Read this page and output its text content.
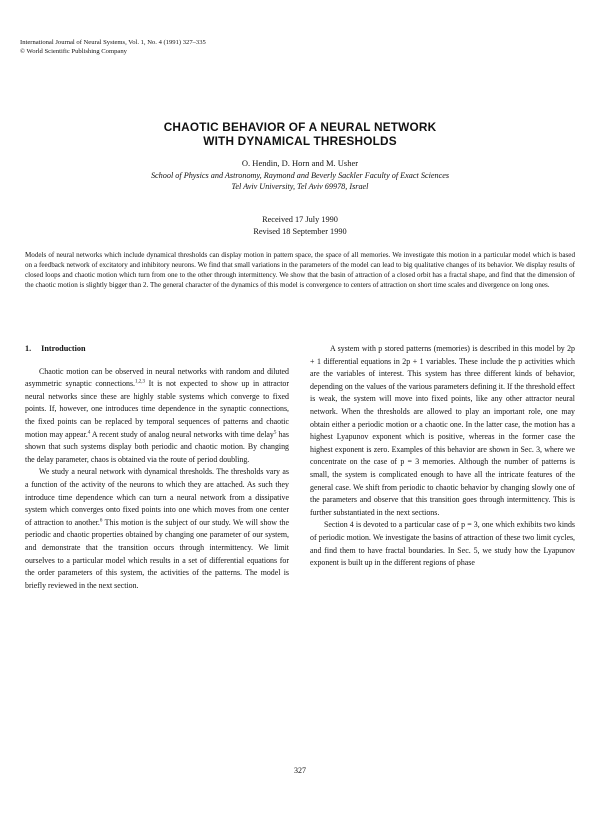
International Journal of Neural Systems, Vol. 1, No. 4 (1991) 327–335
© World Scientific Publishing Company
CHAOTIC BEHAVIOR OF A NEURAL NETWORK
WITH DYNAMICAL THRESHOLDS
O. Hendin, D. Horn and M. Usher
School of Physics and Astronomy, Raymond and Beverly Sackler Faculty of Exact Sciences
Tel Aviv University, Tel Aviv 69978, Israel
Received 17 July 1990
Revised 18 September 1990
Models of neural networks which include dynamical thresholds can display motion in pattern space, the space of all memories. We investigate this motion in a particular model which is based on a feedback network of excitatory and inhibitory neurons. We find that small variations in the parameters of the model can lead to big qualitative changes of its behavior. We display results of closed loops and chaotic motion which turn from one to the other through intermittency. We show that the basin of attraction of a closed orbit has a fractal shape, and find that the dimension of the chaotic motion is slightly bigger than 2. The general character of the dynamics of this model is convergence to centers of attraction on short time scales and divergence on long ones.
1. Introduction

Chaotic motion can be observed in neural networks with random and diluted asymmetric synaptic connections.$^{1,2,3}$ It is not expected to show up in attractor neural networks since these are highly stable systems which converge to fixed points. If, however, one introduces time dependence in the synaptic connections, the fixed points can be replaced by temporal sequences of patterns and chaotic motion may appear.$^4$ A recent study of analog neural networks with time delay$^5$ has shown that such systems display both periodic and chaotic motion. By changing the delay parameter, chaos is obtained via the route of period doubling.

We study a neural network with dynamical thresholds. The thresholds vary as a function of the activity of the neurons to which they are attached. As such they introduce time dependence which can turn a neural network from a dissipative system which converges onto fixed points into one which moves from one center of attraction to another.$^6$ This motion is the subject of our study. We will show the periodic and chaotic properties obtained by changing one parameter of our system, and demonstrate that the transition occurs through intermittency. We limit ourselves to a particular model which results in a set of differential equations for the order parameters of this system, the activities of the patterns. The model is briefly reviewed in the next section.

A system with p stored patterns (memories) is described in this model by 2p + 1 differential equations in 2p + 1 variables. These include the p activities which are the variables of interest. This system has three different kinds of behavior, depending on the values of the various parameters defining it. If the threshold effect is weak, the system will move into fixed points, like any other attractor neural network. When the thresholds are allowed to play an important role, one may obtain either a periodic motion or a chaotic one. In the latter case, the motion has a highest Lyapunov exponent which is positive, whereas in the former case the highest exponent is zero. Examples of this behavior are shown in Sec. 3, where we concentrate on the case of p = 3 memories. Although the number of patterns is small, the system is complicated enough to have all the intricate features of the general case. We shift from periodic to chaotic behavior by changing slowly one of the parameters and observe that this transition goes through intermittency. This is further substantiated in the next sections.

Section 4 is devoted to a particular case of p = 3, one which exhibits two kinds of periodic motion. We investigate the basins of attraction of these two limit cycles, and find them to have fractal boundaries. In Sec. 5, we study how the Lyapunov exponent is built up in the different regions of phase

327
